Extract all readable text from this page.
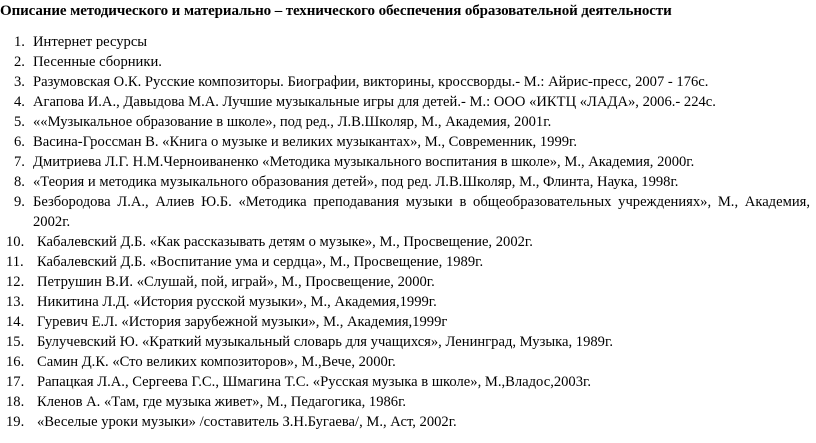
Описание методического и материально – технического обеспечения образовательной деятельности
1. Интернет ресурсы
2. Песенные сборники.
3. Разумовская О.К. Русские композиторы. Биографии, викторины, кроссворды.- М.: Айрис-пресс, 2007 - 176с.
4. Агапова И.А., Давыдова М.А. Лучшие музыкальные игры для детей.- М.: ООО «ИКТЦ «ЛАДА», 2006.- 224с.
5. ««Музыкальное образование в школе», под ред., Л.В.Школяр, М., Академия, 2001г.
6. Васина-Гроссман В. «Книга о музыке и великих музыкантах», М., Современник, 1999г.
7. Дмитриева Л.Г. Н.М.Черноиваненко «Методика музыкального воспитания в школе», М., Академия, 2000г.
8. «Теория и методика музыкального образования детей», под ред. Л.В.Школяр, М., Флинта, Наука, 1998г.
9. Безбородова Л.А., Алиев Ю.Б. «Методика преподавания музыки в общеобразовательных учреждениях», М., Академия, 2002г.
10. Кабалевский Д.Б. «Как рассказывать детям о музыке», М., Просвещение, 2002г.
11. Кабалевский Д.Б. «Воспитание ума и сердца», М., Просвещение, 1989г.
12. Петрушин В.И. «Слушай, пой, играй», М., Просвещение, 2000г.
13. Никитина Л.Д. «История русской музыки», М., Академия,1999г.
14. Гуревич Е.Л. «История зарубежной музыки», М., Академия,1999г
15. Булучевский Ю. «Краткий музыкальный словарь для учащихся», Ленинград, Музыка, 1989г.
16. Самин Д.К. «Сто великих композиторов», М.,Вече, 2000г.
17. Рапацкая Л.А., Сергеева Г.С., Шмагина Т.С. «Русская музыка в школе», М.,Владос,2003г.
18. Кленов А. «Там, где музыка живет», М., Педагогика, 1986г.
19. «Веселые уроки музыки» /составитель З.Н.Бугаева/, М., Аст, 2002г.
